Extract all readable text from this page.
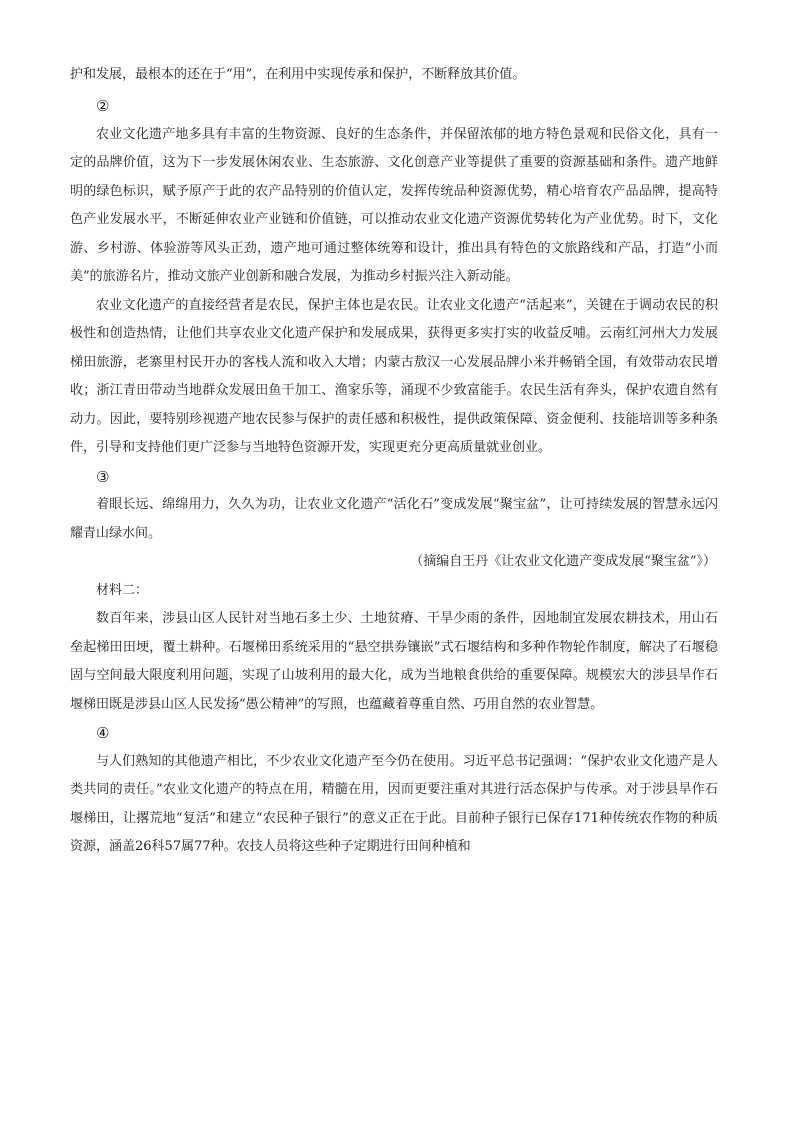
护和发展，最根本的还在于“用”，在利用中实现传承和保护，不断释放其价值。
②

农业文化遗产地多具有丰富的生物资源、良好的生态条件，并保留浓郁的地方特色景观和民俗文化，具有一定的品牌价值，这为下一步发展休闲农业、生态旅游、文化创意产业等提供了重要的资源基础和条件。遗产地鲜明的绿色标识，赋予原产于此的农产品特别的价值认定，发挥传统品种资源优势，精心培育农产品品牌，提高特色产业发展水平，不断延伸农业产业链和价值链，可以推动农业文化遗产资源优势转化为产业优势。时下，文化游、乡村游、体验游等风头正劲，遗产地可通过整体统筹和设计，推出具有特色的文旅路线和产品，打造“小而美”的旅游名片，推动文旅产业创新和融合发展，为推动乡村振兴注入新动能。

农业文化遗产的直接经营者是农民，保护主体也是农民。让农业文化遗产“活起来”，关键在于调动农民的积极性和创造热情，让他们共享农业文化遗产保护和发展成果，获得更多实打实的收益反哺。云南红河州大力发展梯田旅游，老寨里村民开办的客栈人流和收入大增；内蒙古敖汉一心发展品牌小米并畅销全国，有效带动农民增收；浙江青田带动当地群众发展田鱼干加工、渔家乐等，涌现不少致富能手。农民生活有奔头，保护农遗自然有动力。因此，要特别珍视遗产地农民参与保护的责任感和积极性，提供政策保障、资金便利、技能培训等多种条件，引导和支持他们更广泛参与当地特色资源开发，实现更充分更高质量就业创业。

③

着眼长远、绵绵用力，久久为功，让农业文化遗产“活化石”变成发展“聚宝盆”，让可持续发展的智慧永远闪耀青山绿水间。

（摘编自王丹《让农业文化遗产变成发展“聚宝盆”》）

材料二：

数百年来，涉县山区人民针对当地石多土少、土地贫瘠、干旱少雨的条件，因地制宜发展农耕技术，用山石垒起梯田田埂，覆土耕种。石堰梯田系统采用的“悬空拱券镶嵌”式石堰结构和多种作物轮作制度，解决了石堰稳固与空间最大限度利用问题，实现了山坡利用的最大化，成为当地粮食供给的重要保障。规模宏大的涉县旱作石堰梯田既是涉县山区人民发扬“愚公精神”的写照，也蕴藏着尊重自然、巧用自然的农业智慧。

④

与人们熟知的其他遗产相比，不少农业文化遗产至今仍在使用。习近平总书记强调：“保护农业文化遗产是人类共同的责任。”农业文化遗产的特点在用，精髓在用，因而更要注重对其进行活态保护与传承。对于涉县旱作石堰梯田，让撂荒地“复活”和建立“农民种子银行”的意义正在于此。目前种子银行已保存171种传统农作物的种质资源，涵盖26科57属77种。农技人员将这些种子定期进行田间种植和
